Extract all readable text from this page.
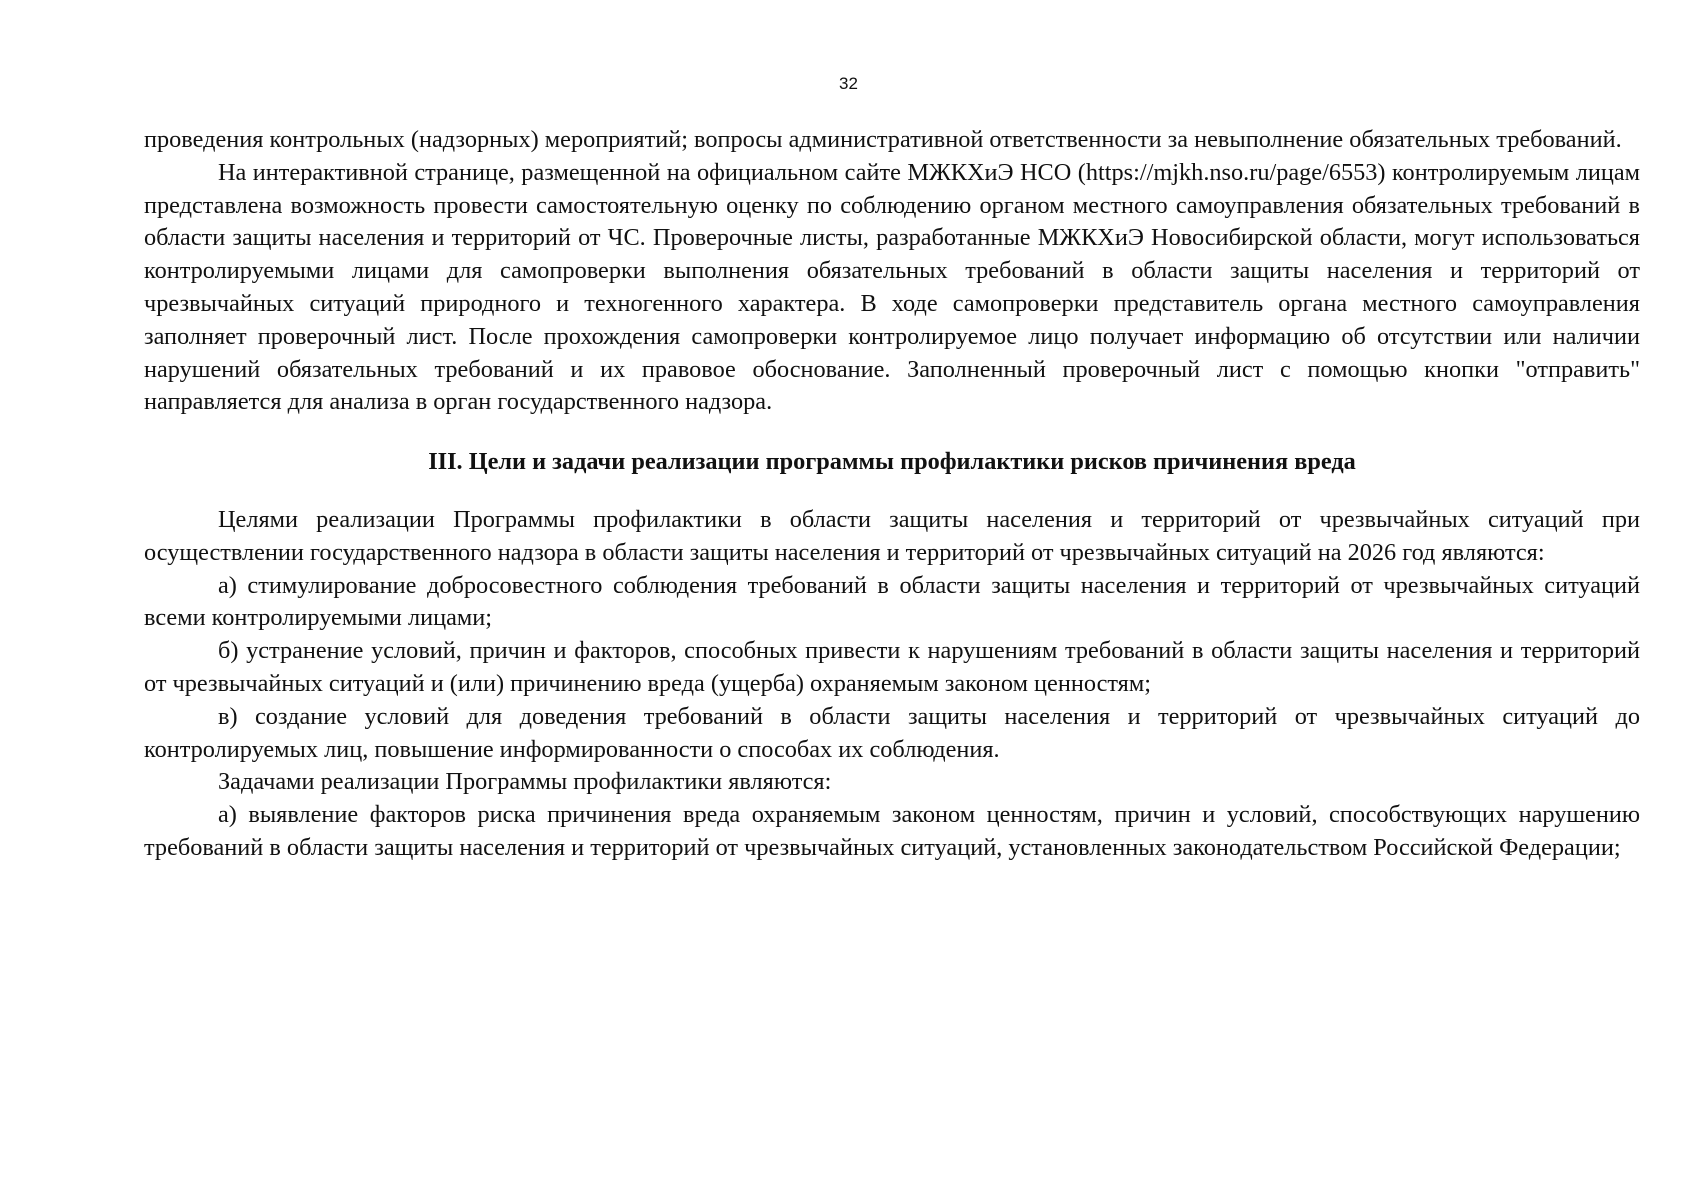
32

проведения контрольных (надзорных) мероприятий; вопросы административной ответственности за невыполнение обязательных требований.

На интерактивной странице, размещенной на официальном сайте МЖКХиЭ НСО (https://mjkh.nso.ru/page/6553) контролируемым лицам представлена возможность провести самостоятельную оценку по соблюдению органом местного самоуправления обязательных требований в области защиты населения и территорий от ЧС. Проверочные листы, разработанные МЖКХиЭ Новосибирской области, могут использоваться контролируемыми лицами для самопроверки выполнения обязательных требований в области защиты населения и территорий от чрезвычайных ситуаций природного и техногенного характера. В ходе самопроверки представитель органа местного самоуправления заполняет проверочный лист. После прохождения самопроверки контролируемое лицо получает информацию об отсутствии или наличии нарушений обязательных требований и их правовое обоснование. Заполненный проверочный лист с помощью кнопки "отправить" направляется для анализа в орган государственного надзора.

III. Цели и задачи реализации программы профилактики рисков причинения вреда

Целями реализации Программы профилактики в области защиты населения и территорий от чрезвычайных ситуаций при осуществлении государственного надзора в области защиты населения и территорий от чрезвычайных ситуаций на 2026 год являются:

а) стимулирование добросовестного соблюдения требований в области защиты населения и территорий от чрезвычайных ситуаций всеми контролируемыми лицами;

б) устранение условий, причин и факторов, способных привести к нарушениям требований в области защиты населения и территорий от чрезвычайных ситуаций и (или) причинению вреда (ущерба) охраняемым законом ценностям;

в) создание условий для доведения требований в области защиты населения и территорий от чрезвычайных ситуаций до контролируемых лиц, повышение информированности о способах их соблюдения.

Задачами реализации Программы профилактики являются:

а) выявление факторов риска причинения вреда охраняемым законом ценностям, причин и условий, способствующих нарушению требований в области защиты населения и территорий от чрезвычайных ситуаций, установленных законодательством Российской Федерации;
